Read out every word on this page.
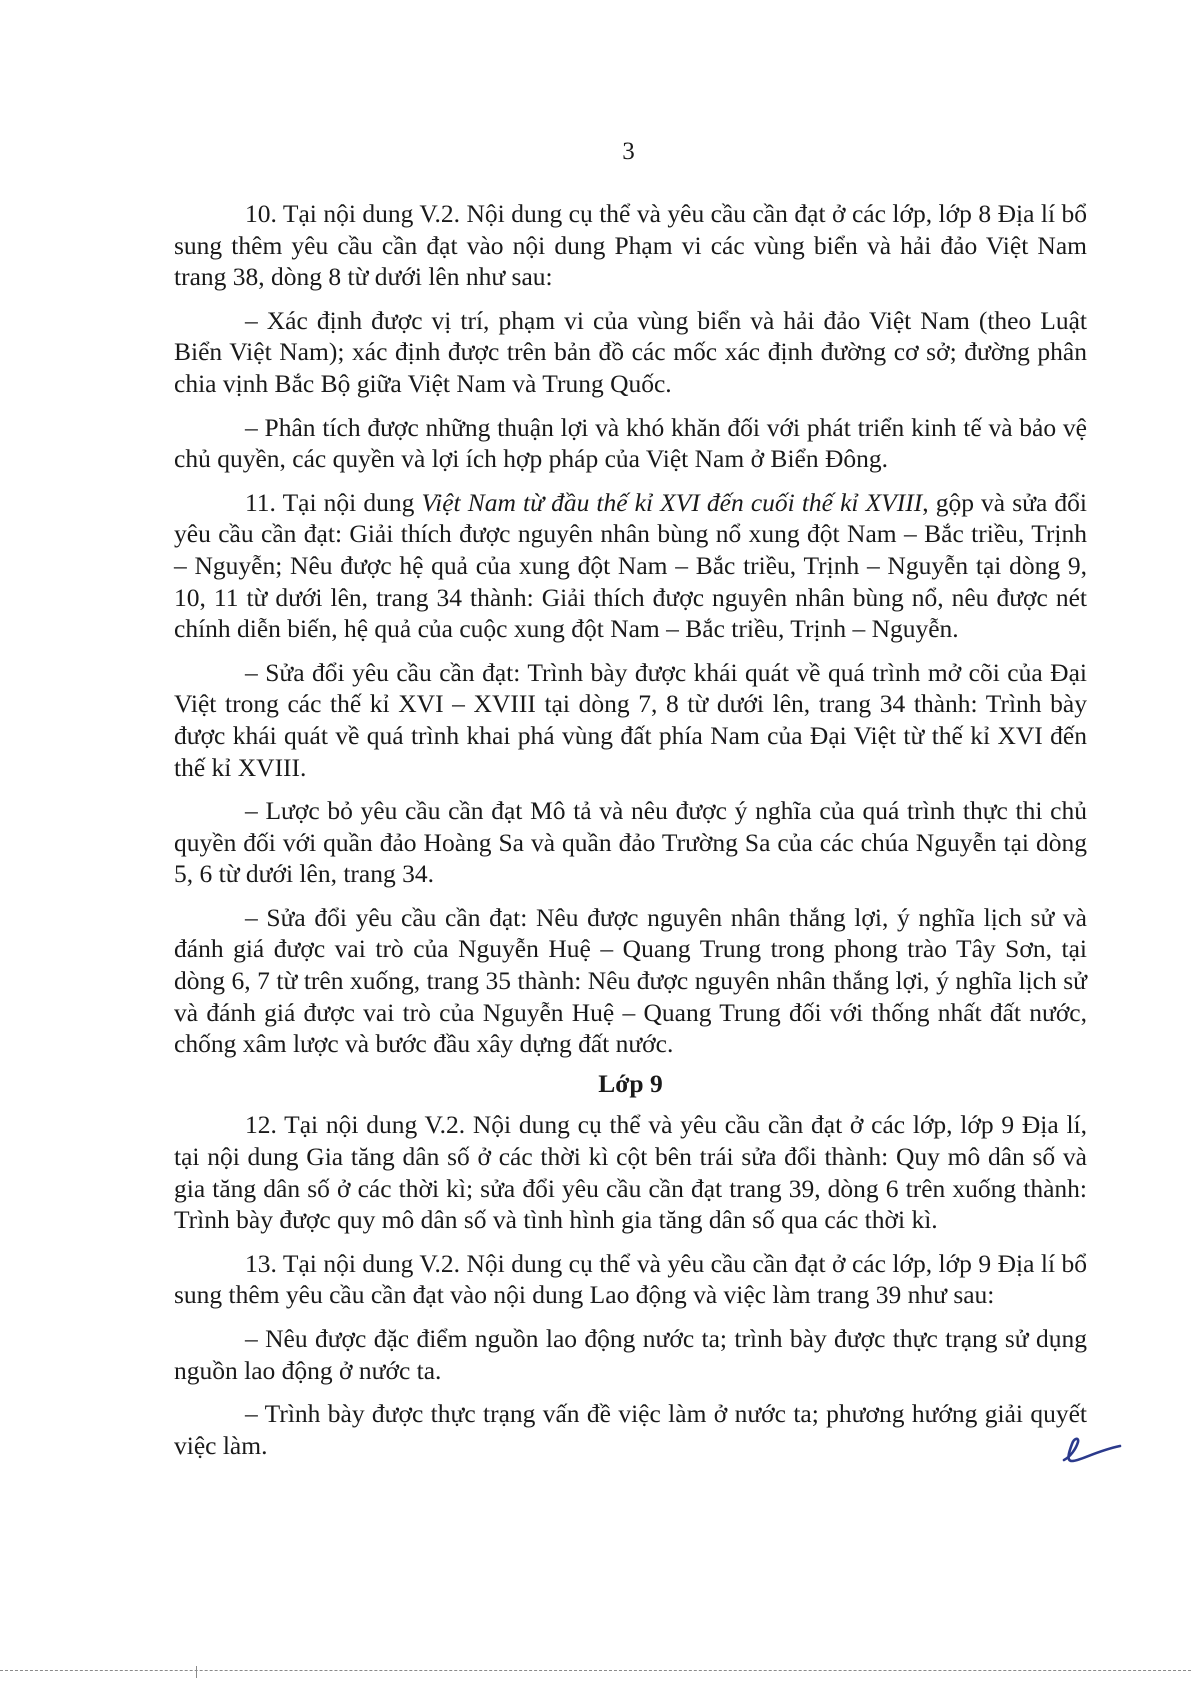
3

10. Tại nội dung V.2. Nội dung cụ thể và yêu cầu cần đạt ở các lớp, lớp 8 Địa lí bổ sung thêm yêu cầu cần đạt vào nội dung Phạm vi các vùng biển và hải đảo Việt Nam trang 38, dòng 8 từ dưới lên như sau:

– Xác định được vị trí, phạm vi của vùng biển và hải đảo Việt Nam (theo Luật Biển Việt Nam); xác định được trên bản đồ các mốc xác định đường cơ sở; đường phân chia vịnh Bắc Bộ giữa Việt Nam và Trung Quốc.

– Phân tích được những thuận lợi và khó khăn đối với phát triển kinh tế và bảo vệ chủ quyền, các quyền và lợi ích hợp pháp của Việt Nam ở Biển Đông.

11. Tại nội dung Việt Nam từ đầu thế kỉ XVI đến cuối thế kỉ XVIII, gộp và sửa đổi yêu cầu cần đạt: Giải thích được nguyên nhân bùng nổ xung đột Nam – Bắc triều, Trịnh – Nguyễn; Nêu được hệ quả của xung đột Nam – Bắc triều, Trịnh – Nguyễn tại dòng 9, 10, 11 từ dưới lên, trang 34 thành: Giải thích được nguyên nhân bùng nổ, nêu được nét chính diễn biến, hệ quả của cuộc xung đột Nam – Bắc triều, Trịnh – Nguyễn.

– Sửa đổi yêu cầu cần đạt: Trình bày được khái quát về quá trình mở cõi của Đại Việt trong các thế kỉ XVI – XVIII tại dòng 7, 8 từ dưới lên, trang 34 thành: Trình bày được khái quát về quá trình khai phá vùng đất phía Nam của Đại Việt từ thế kỉ XVI đến thế kỉ XVIII.

– Lược bỏ yêu cầu cần đạt Mô tả và nêu được ý nghĩa của quá trình thực thi chủ quyền đối với quần đảo Hoàng Sa và quần đảo Trường Sa của các chúa Nguyễn tại dòng 5, 6 từ dưới lên, trang 34.

– Sửa đổi yêu cầu cần đạt: Nêu được nguyên nhân thắng lợi, ý nghĩa lịch sử và đánh giá được vai trò của Nguyễn Huệ – Quang Trung trong phong trào Tây Sơn, tại dòng 6, 7 từ trên xuống, trang 35 thành: Nêu được nguyên nhân thắng lợi, ý nghĩa lịch sử và đánh giá được vai trò của Nguyễn Huệ – Quang Trung đối với thống nhất đất nước, chống xâm lược và bước đầu xây dựng đất nước.

Lớp 9

12. Tại nội dung V.2. Nội dung cụ thể và yêu cầu cần đạt ở các lớp, lớp 9 Địa lí, tại nội dung Gia tăng dân số ở các thời kì cột bên trái sửa đổi thành: Quy mô dân số và gia tăng dân số ở các thời kì; sửa đổi yêu cầu cần đạt trang 39, dòng 6 trên xuống thành: Trình bày được quy mô dân số và tình hình gia tăng dân số qua các thời kì.

13. Tại nội dung V.2. Nội dung cụ thể và yêu cầu cần đạt ở các lớp, lớp 9 Địa lí bổ sung thêm yêu cầu cần đạt vào nội dung Lao động và việc làm trang 39 như sau:

– Nêu được đặc điểm nguồn lao động nước ta; trình bày được thực trạng sử dụng nguồn lao động ở nước ta.

– Trình bày được thực trạng vấn đề việc làm ở nước ta; phương hướng giải quyết việc làm.
